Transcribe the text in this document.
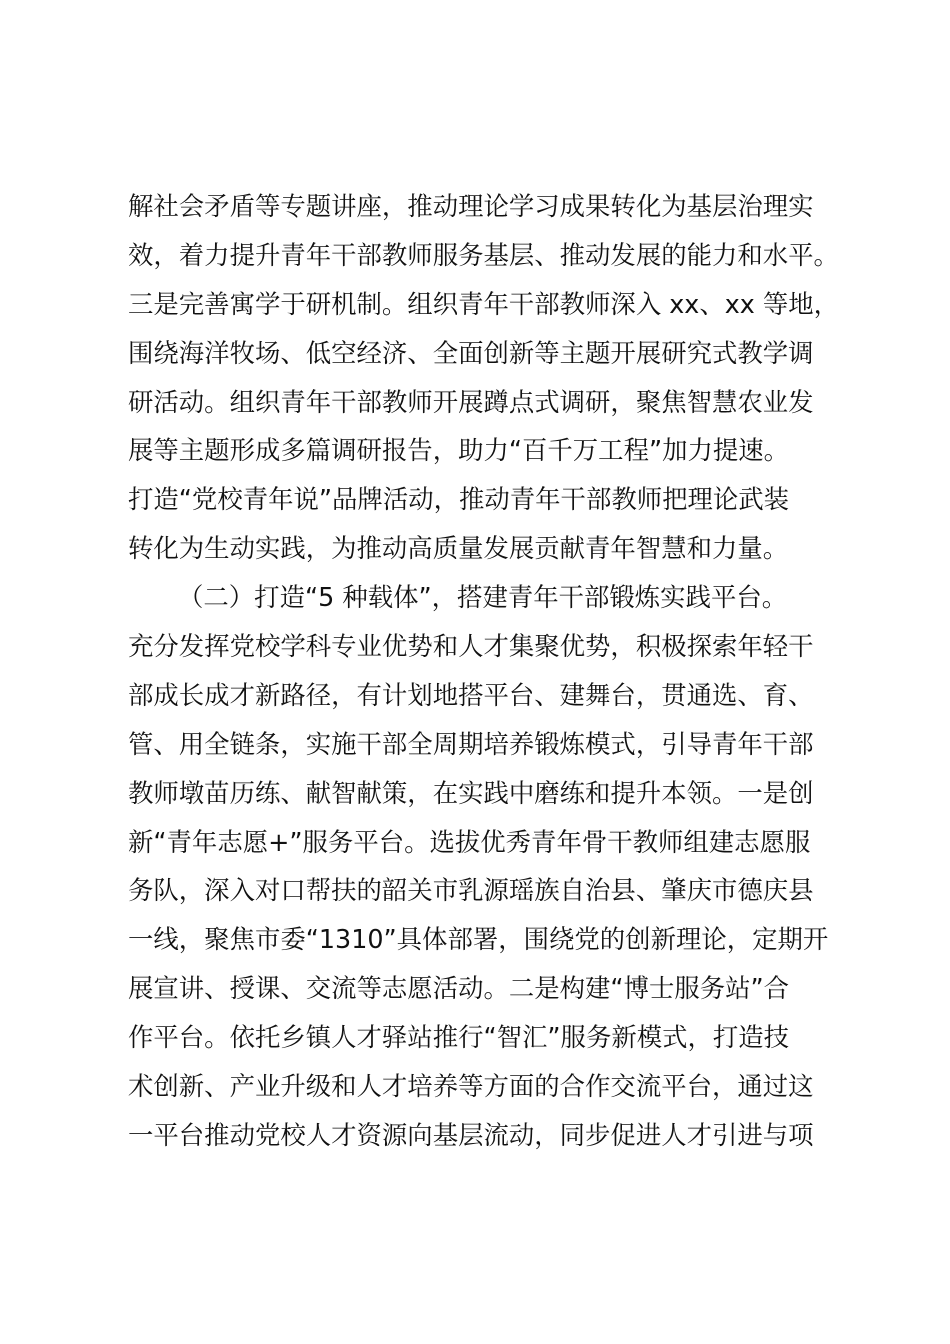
解社会矛盾等专题讲座，推动理论学习成果转化为基层治理实
效，着力提升青年干部教师服务基层、推动发展的能力和水平。
三是完善寓学于研机制。组织青年干部教师深入 xx、xx 等地，
围绕海洋牧场、低空经济、全面创新等主题开展研究式教学调
研活动。组织青年干部教师开展蹲点式调研，聚焦智慧农业发
展等主题形成多篇调研报告，助力“百千万工程”加力提速。
打造“党校青年说”品牌活动，推动青年干部教师把理论武装
转化为生动实践，为推动高质量发展贡献青年智慧和力量。
（二）打造“5 种载体”，搭建青年干部锻炼实践平台。
充分发挥党校学科专业优势和人才集聚优势，积极探索年轻干
部成长成才新路径，有计划地搭平台、建舞台，贯通选、育、
管、用全链条，实施干部全周期培养锻炼模式，引导青年干部
教师墩苗历练、献智献策，在实践中磨练和提升本领。一是创
新“青年志愿+”服务平台。选拔优秀青年骨干教师组建志愿服
务队，深入对口帮扶的韶关市乳源瑶族自治县、肇庆市德庆县
一线，聚焦市委“1310”具体部署，围绕党的创新理论，定期开
展宣讲、授课、交流等志愿活动。二是构建“博士服务站”合
作平台。依托乡镇人才驿站推行“智汇”服务新模式，打造技
术创新、产业升级和人才培养等方面的合作交流平台，通过这
一平台推动党校人才资源向基层流动，同步促进人才引进与项
